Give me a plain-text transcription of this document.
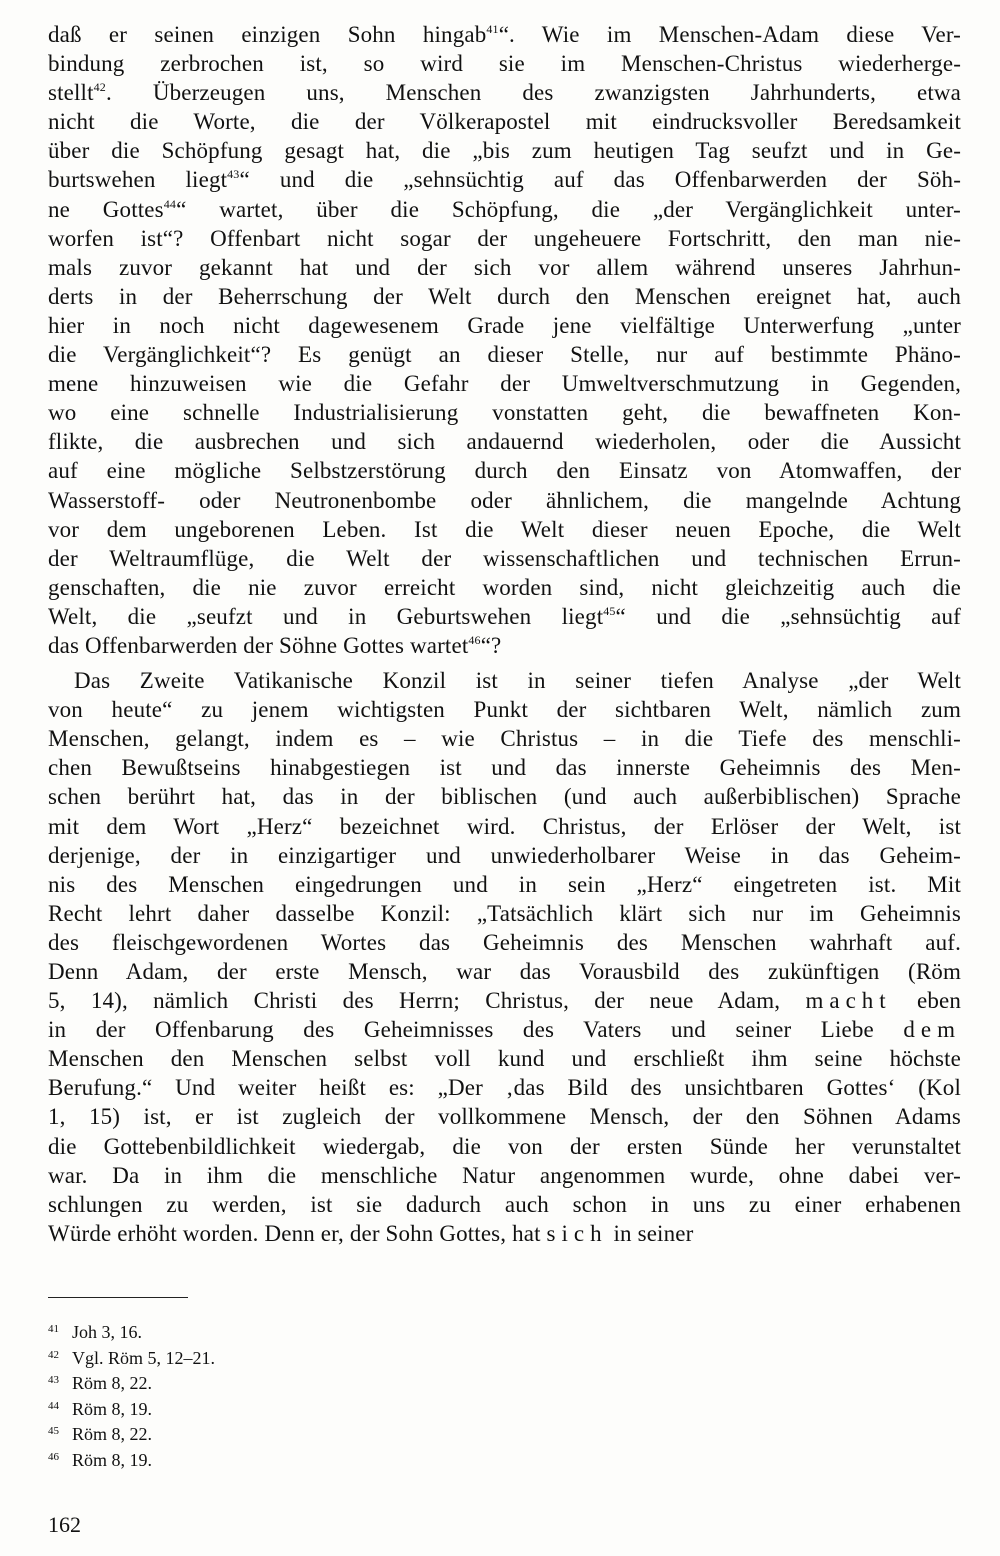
daß er seinen einzigen Sohn hingab$^{41}$“. Wie im Menschen-Adam diese Ver-
bindung zerbrochen ist, so wird sie im Menschen-Christus wiederherge-
stellt$^{42}$. Überzeugen uns, Menschen des zwanzigsten Jahrhunderts, etwa
nicht die Worte, die der Völkerapostel mit eindrucksvoller Beredsamkeit
über die Schöpfung gesagt hat, die „bis zum heutigen Tag seufzt und in Ge-
burtswehen liegt$^{43}$“ und die „sehnsüchtig auf das Offenbarwerden der Söh-
ne Gottes$^{44}$“ wartet, über die Schöpfung, die „der Vergänglichkeit unter-
worfen ist“? Offenbart nicht sogar der ungeheuere Fortschritt, den man nie-
mals zuvor gekannt hat und der sich vor allem während unseres Jahrhun-
derts in der Beherrschung der Welt durch den Menschen ereignet hat, auch
hier in noch nicht dagewesenem Grade jene vielfältige Unterwerfung „unter
die Vergänglichkeit“? Es genügt an dieser Stelle, nur auf bestimmte Phäno-
mene hinzuweisen wie die Gefahr der Umweltverschmutzung in Gegenden,
wo eine schnelle Industrialisierung vonstatten geht, die bewaffneten Kon-
flikte, die ausbrechen und sich andauernd wiederholen, oder die Aussicht
auf eine mögliche Selbstzerstörung durch den Einsatz von Atomwaffen, der
Wasserstoff- oder Neutronenbombe oder ähnlichem, die mangelnde Achtung
vor dem ungeborenen Leben. Ist die Welt dieser neuen Epoche, die Welt
der Weltraumflüge, die Welt der wissenschaftlichen und technischen Errun-
genschaften, die nie zuvor erreicht worden sind, nicht gleichzeitig auch die
Welt, die „seufzt und in Geburtswehen liegt$^{45}$“ und die „sehnsüchtig auf
das Offenbarwerden der Söhne Gottes wartet$^{46}$“?
Das Zweite Vatikanische Konzil ist in seiner tiefen Analyse „der Welt
von heute“ zu jenem wichtigsten Punkt der sichtbaren Welt, nämlich zum
Menschen, gelangt, indem es – wie Christus – in die Tiefe des menschli-
chen Bewußtseins hinabgestiegen ist und das innerste Geheimnis des Men-
schen berührt hat, das in der biblischen (und auch außerbiblischen) Sprache
mit dem Wort „Herz“ bezeichnet wird. Christus, der Erlöser der Welt, ist
derjenige, der in einzigartiger und unwiederholbarer Weise in das Geheim-
nis des Menschen eingedrungen und in sein „Herz“ eingetreten ist. Mit
Recht lehrt daher dasselbe Konzil: „Tatsächlich klärt sich nur im Geheimnis
des fleischgewordenen Wortes das Geheimnis des Menschen wahrhaft auf.
Denn Adam, der erste Mensch, war das Vorausbild des zukünftigen (Röm
5, 14), nämlich Christi des Herrn; Christus, der neue Adam, macht eben
in der Offenbarung des Geheimnisses des Vaters und seiner Liebe dem
Menschen den Menschen selbst voll kund und erschließt ihm seine höchste
Berufung.“ Und weiter heißt es: „Der ‚das Bild des unsichtbaren Gottes‘ (Kol
1, 15) ist, er ist zugleich der vollkommene Mensch, der den Söhnen Adams
die Gottebenbildlichkeit wiedergab, die von der ersten Sünde her verunstaltet
war. Da in ihm die menschliche Natur angenommen wurde, ohne dabei ver-
schlungen zu werden, ist sie dadurch auch schon in uns zu einer erhabenen
Würde erhöht worden. Denn er, der Sohn Gottes, hat sich in seiner
41 Joh 3, 16.
42 Vgl. Röm 5, 12–21.
43 Röm 8, 22.
44 Röm 8, 19.
45 Röm 8, 22.
46 Röm 8, 19.
162
